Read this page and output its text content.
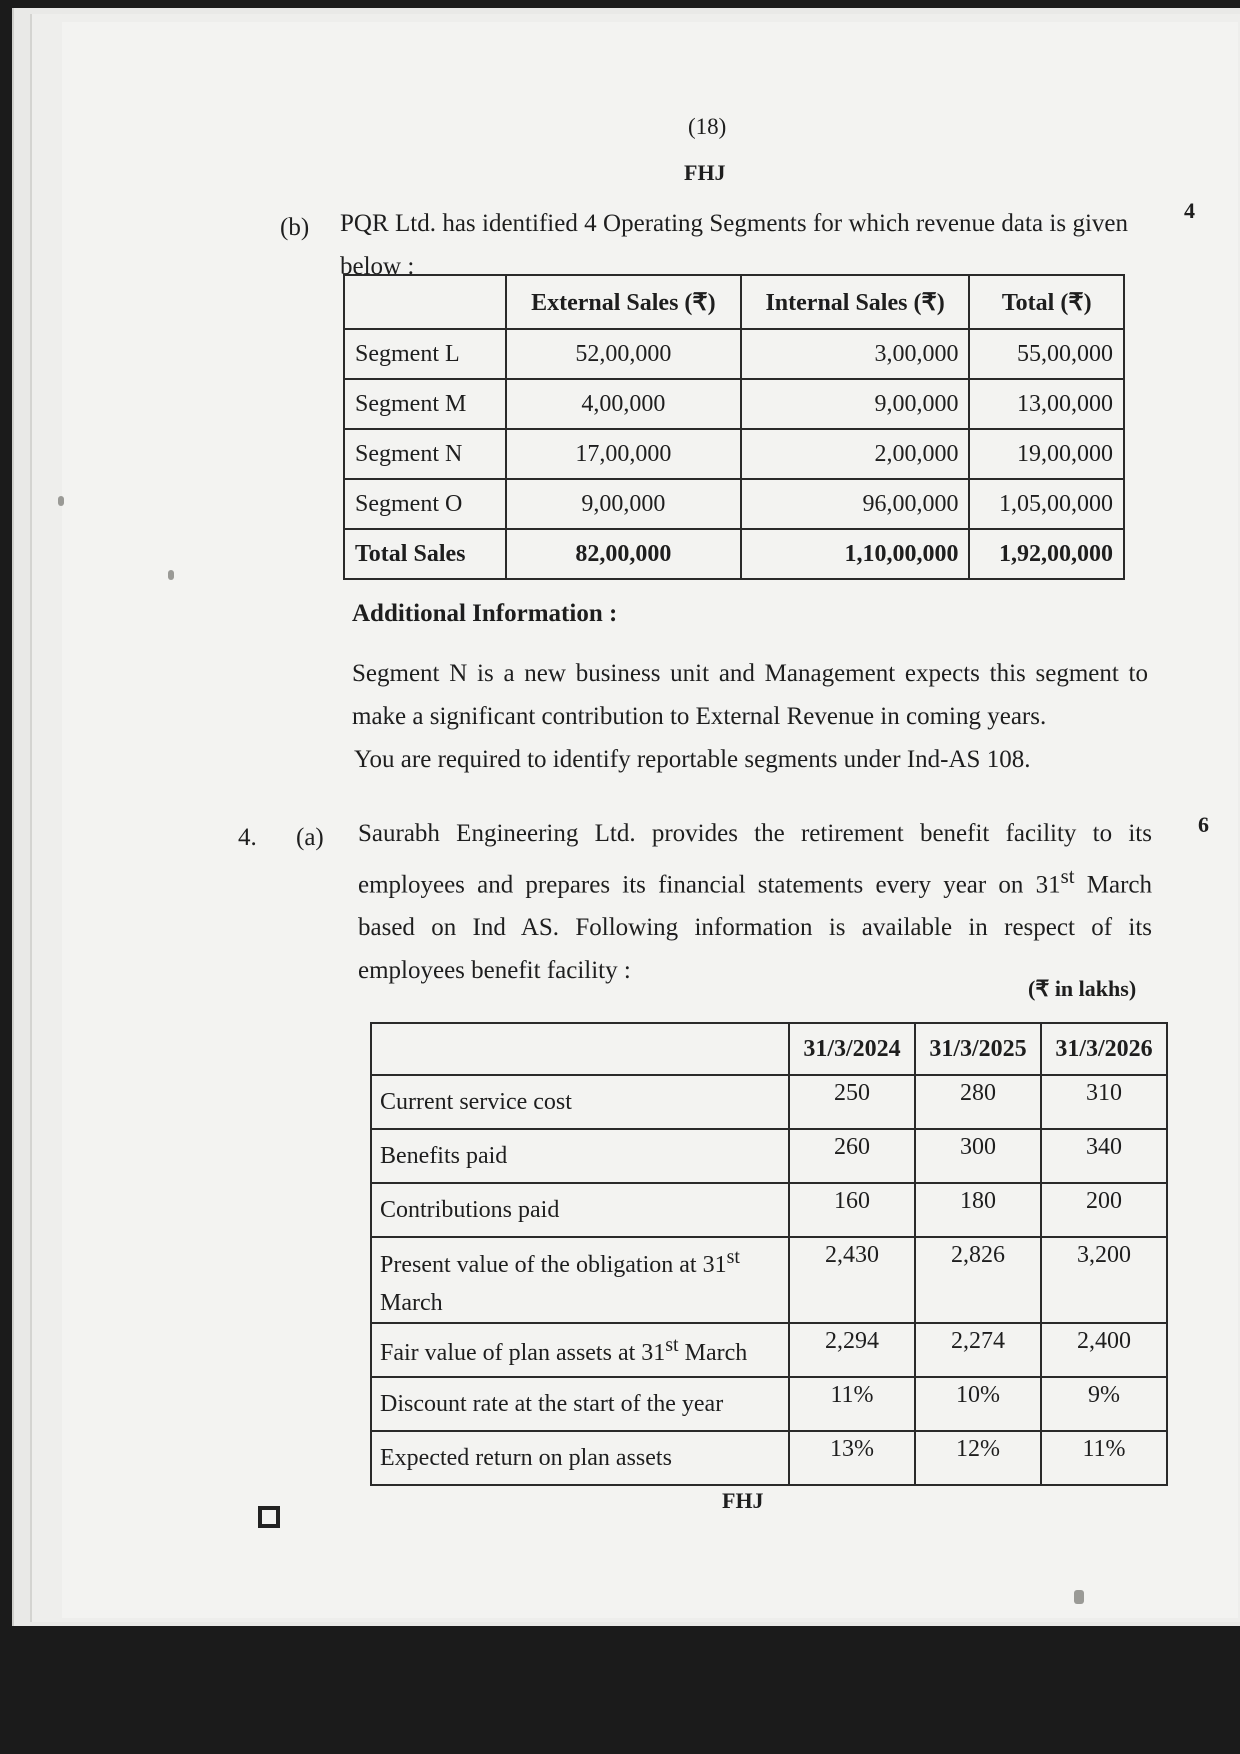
(18)
FHJ
(b)
4
PQR Ltd. has identified 4 Operating Segments for which revenue data is given below :
	External Sales (₹)	Internal Sales (₹)	Total (₹)
Segment L	52,00,000	3,00,000	55,00,000
Segment M	4,00,000	9,00,000	13,00,000
Segment N	17,00,000	2,00,000	19,00,000
Segment O	9,00,000	96,00,000	1,05,00,000
Total Sales	82,00,000	1,10,00,000	1,92,00,000
Additional Information :
Segment N is a new business unit and Management expects this segment to make a significant contribution to External Revenue in coming years.
You are required to identify reportable segments under Ind-AS 108.
4. (a)	6
Saurabh Engineering Ltd. provides the retirement benefit facility to its employees and prepares its financial statements every year on 31st March based on Ind AS. Following information is available in respect of its employees benefit facility :
(₹ in lakhs)
	31/3/2024	31/3/2025	31/3/2026
Current service cost	250	280	310
Benefits paid	260	300	340
Contributions paid	160	180	200
Present value of the obligation at 31st March	2,430	2,826	3,200
Fair value of plan assets at 31st March	2,294	2,274	2,400
Discount rate at the start of the year	11%	10%	9%
Expected return on plan assets	13%	12%	11%
FHJ
